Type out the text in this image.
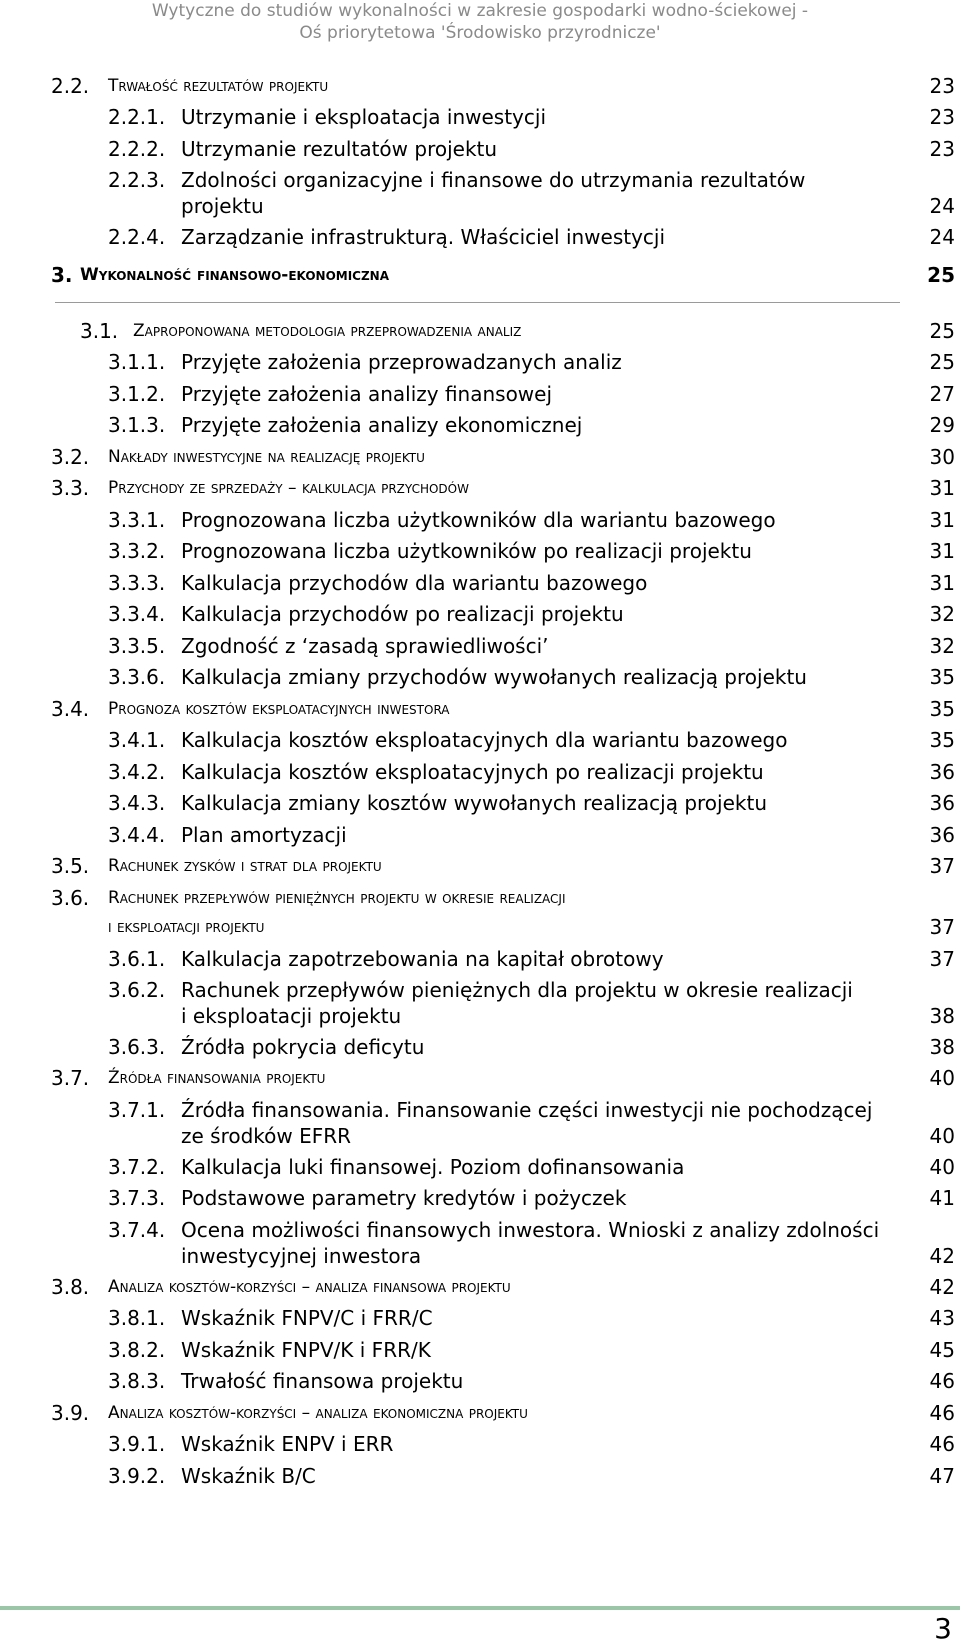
Wytyczne do studiów wykonalności w zakresie gospodarki wodno-ściekowej -
Oś priorytetowa 'Środowisko przyrodnicze'
2.2. Trwałość rezultatów projektu	23
2.2.1. Utrzymanie i eksploatacja inwestycji	23
2.2.2. Utrzymanie rezultatów projektu	23
2.2.3. Zdolności organizacyjne i finansowe do utrzymania rezultatów
projektu	24
2.2.4. Zarządzanie infrastrukturą. Właściciel inwestycji	24
3. Wykonalność finansowo-ekonomiczna	25
3.1. Zaproponowana metodologia przeprowadzenia analiz	25
3.1.1. Przyjęte założenia przeprowadzanych analiz	25
3.1.2. Przyjęte założenia analizy finansowej	27
3.1.3. Przyjęte założenia analizy ekonomicznej	29
3.2. Nakłady inwestycyjne na realizację projektu	30
3.3. Przychody ze sprzedaży – kalkulacja przychodów	31
3.3.1. Prognozowana liczba użytkowników dla wariantu bazowego	31
3.3.2. Prognozowana liczba użytkowników po realizacji projektu	31
3.3.3. Kalkulacja przychodów dla wariantu bazowego	31
3.3.4. Kalkulacja przychodów po realizacji projektu	32
3.3.5. Zgodność z ‘zasadą sprawiedliwości’	32
3.3.6. Kalkulacja zmiany przychodów wywołanych realizacją projektu	35
3.4. Prognoza kosztów eksploatacyjnych inwestora	35
3.4.1. Kalkulacja kosztów eksploatacyjnych dla wariantu bazowego	35
3.4.2. Kalkulacja kosztów eksploatacyjnych po realizacji projektu	36
3.4.3. Kalkulacja zmiany kosztów wywołanych realizacją projektu	36
3.4.4. Plan amortyzacji	36
3.5. Rachunek zysków i strat dla projektu	37
3.6. Rachunek przepływów pieniężnych projektu w okresie realizacji
i eksploatacji projektu	37
3.6.1. Kalkulacja zapotrzebowania na kapitał obrotowy	37
3.6.2. Rachunek przepływów pieniężnych dla projektu w okresie realizacji
i eksploatacji projektu	38
3.6.3. Źródła pokrycia deficytu	38
3.7. Źródła finansowania projektu	40
3.7.1. Źródła finansowania. Finansowanie części inwestycji nie pochodzącej
ze środków EFRR	40
3.7.2. Kalkulacja luki finansowej. Poziom dofinansowania	40
3.7.3. Podstawowe parametry kredytów i pożyczek	41
3.7.4. Ocena możliwości finansowych inwestora. Wnioski z analizy zdolności
inwestycyjnej inwestora	42
3.8. Analiza kosztów-korzyści – analiza finansowa projektu	42
3.8.1. Wskaźnik FNPV/C i FRR/C	43
3.8.2. Wskaźnik FNPV/K i FRR/K	45
3.8.3. Trwałość finansowa projektu	46
3.9. Analiza kosztów-korzyści – analiza ekonomiczna projektu	46
3.9.1. Wskaźnik ENPV i ERR	46
3.9.2. Wskaźnik B/C	47
3
